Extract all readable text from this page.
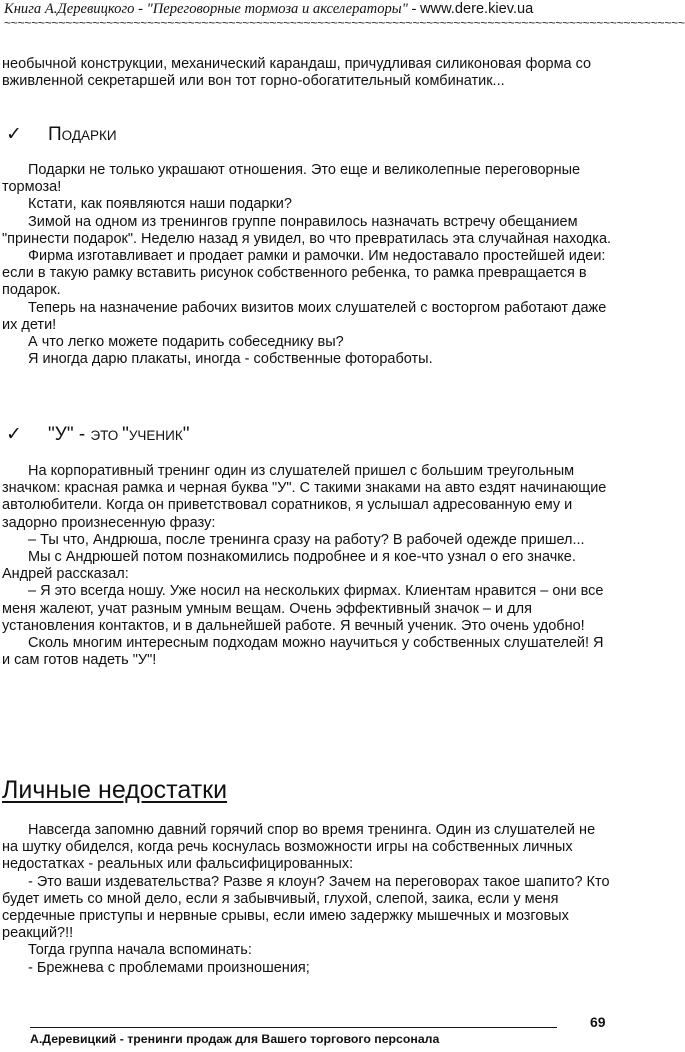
Книга А.Деревицкого - "Переговорные тормоза и акселераторы" - www.dere.kiev.ua
~~~~~~~~~~~~~~~~~~~~~~~~~~~~~~~~~~~~~~~~~~~~~~~~~~~~~~~~~~~~~~~~~~~~~~~~~~~~~~~~~~~~~~~~~~~~~~~~~~~~

необычной конструкции, механический карандаш, причудливая силиконовая форма со вживленной секретаршей или вон тот горно-обогатительный комбинатик...

✓ ПОДАРКИ

Подарки не только украшают отношения. Это еще и великолепные переговорные тормоза!

Кстати, как появляются наши подарки?

Зимой на одном из тренингов группе понравилось назначать встречу обещанием "принести подарок". Неделю назад я увидел, во что превратилась эта случайная находка.

Фирма изготавливает и продает рамки и рамочки. Им недоставало простейшей идеи: если в такую рамку вставить рисунок собственного ребенка, то рамка превращается в подарок.

Теперь на назначение рабочих визитов моих слушателей с восторгом работают даже их дети!

А что легко можете подарить собеседнику вы?

Я иногда дарю плакаты, иногда - собственные фотоработы.

✓ "У" - ЭТО "УЧЕНИК"

На корпоративный тренинг один из слушателей пришел с большим треугольным значком: красная рамка и черная буква "У". С такими знаками на авто ездят начинающие автолюбители. Когда он приветствовал соратников, я услышал адресованную ему и задорно произнесенную фразу:

– Ты что, Андрюша, после тренинга сразу на работу? В рабочей одежде пришел...

Мы с Андрюшей потом познакомились подробнее и я кое-что узнал о его значке. Андрей рассказал:

– Я это всегда ношу. Уже носил на нескольких фирмах. Клиентам нравится – они все меня жалеют, учат разным умным вещам. Очень эффективный значок – и для установления контактов, и в дальнейшей работе. Я вечный ученик. Это очень удобно!

Сколь многим интересным подходам можно научиться у собственных слушателей! Я и сам готов надеть "У"!

Личные недостатки

Навсегда запомню давний горячий спор во время тренинга. Один из слушателей не на шутку обиделся, когда речь коснулась возможности игры на собственных личных недостатках - реальных или фальсифицированных:

- Это ваши издевательства? Разве я клоун? Зачем на переговорах такое шапито? Кто будет иметь со мной дело, если я забывчивый, глухой, слепой, заика, если у меня сердечные приступы и нервные срывы, если имею задержку мышечных и мозговых реакций?!!

Тогда группа начала вспоминать:

- Брежнева с проблемами произношения;

69
А.Деревицкий - тренинги продаж для Вашего торгового персонала
